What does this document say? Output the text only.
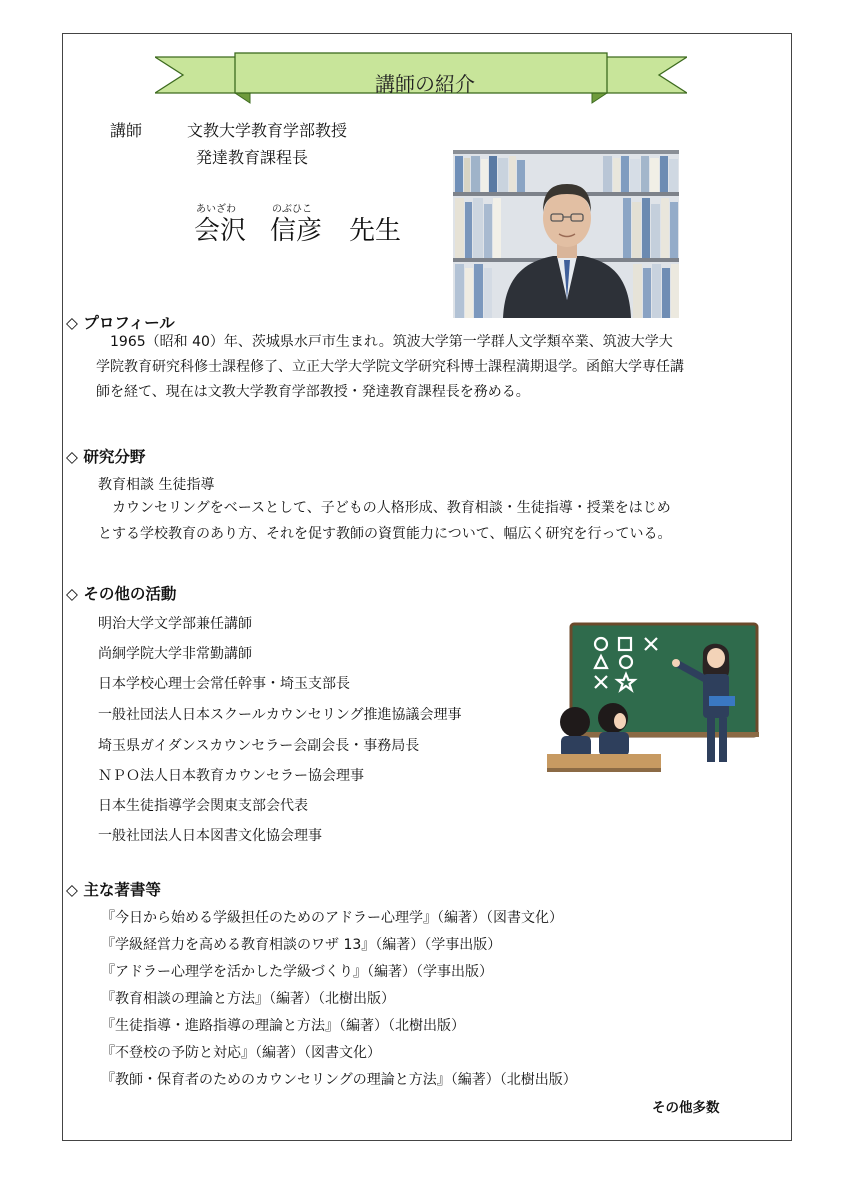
講師の紹介
講師	文教大学教育学部教授
発達教育課程長
あいざわ	のぶひこ
会沢 信彦 先生
◇ プロフィール
　1965（昭和 40）年、茨城県水戸市生まれ。筑波大学第一学群人文学類卒業、筑波大学大
学院教育研究科修士課程修了、立正大学大学院文学研究科博士課程満期退学。函館大学専任講
師を経て、現在は文教大学教育学部教授・発達教育課程長を務める。
◇ 研究分野
教育相談 生徒指導
　カウンセリングをベースとして、子どもの人格形成、教育相談・生徒指導・授業をはじめ
とする学校教育のあり方、それを促す教師の資質能力について、幅広く研究を行っている。
◇ その他の活動
明治大学文学部兼任講師
尚絅学院大学非常勤講師
日本学校心理士会常任幹事・埼玉支部長
一般社団法人日本スクールカウンセリング推進協議会理事
埼玉県ガイダンスカウンセラー会副会長・事務局長
ＮＰＯ法人日本教育カウンセラー協会理事
日本生徒指導学会関東支部会代表
一般社団法人日本図書文化協会理事
◇ 主な著書等
『今日から始める学級担任のためのアドラー心理学』（編著）（図書文化）
『学級経営力を高める教育相談のワザ 13』（編著）（学事出版）
『アドラー心理学を活かした学級づくり』（編著）（学事出版）
『教育相談の理論と方法』（編著）（北樹出版）
『生徒指導・進路指導の理論と方法』（編著）（北樹出版）
『不登校の予防と対応』（編著）（図書文化）
『教師・保育者のためのカウンセリングの理論と方法』（編著）（北樹出版）
その他多数
